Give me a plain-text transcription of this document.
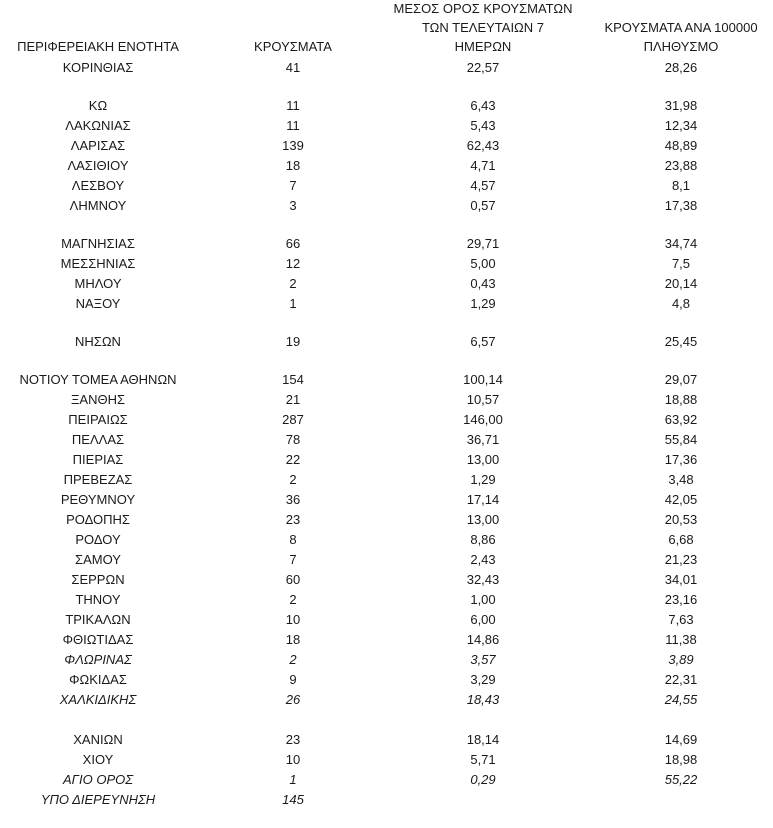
ΠΕΡΙΦΕΡΕΙΑΚΗ ΕΝΟΤΗΤΑ	ΚΡΟΥΣΜΑΤΑ
ΜΕΣΟΣ ΟΡΟΣ ΚΡΟΥΣΜΑΤΩΝ
ΤΩΝ ΤΕΛΕΥΤΑΙΩΝ 7
ΗΜΕΡΩΝ
ΚΡΟΥΣΜΑΤΑ ΑΝΑ 100000
ΠΛΗΘΥΣΜΟ
ΚΟΡΙΝΘΙΑΣ	41	22,57	28,26
ΚΩ	11	6,43	31,98
ΛΑΚΩΝΙΑΣ	11	5,43	12,34
ΛΑΡΙΣΑΣ	139	62,43	48,89
ΛΑΣΙΘΙΟΥ	18	4,71	23,88
ΛΕΣΒΟΥ	7	4,57	8,1
ΛΗΜΝΟΥ	3	0,57	17,38
ΜΑΓΝΗΣΙΑΣ	66	29,71	34,74
ΜΕΣΣΗΝΙΑΣ	12	5,00	7,5
ΜΗΛΟΥ	2	0,43	20,14
ΝΑΞΟΥ	1	1,29	4,8
ΝΗΣΩΝ	19	6,57	25,45
ΝΟΤΙΟΥ ΤΟΜΕΑ ΑΘΗΝΩΝ	154	100,14	29,07
ΞΑΝΘΗΣ	21	10,57	18,88
ΠΕΙΡΑΙΩΣ	287	146,00	63,92
ΠΕΛΛΑΣ	78	36,71	55,84
ΠΙΕΡΙΑΣ	22	13,00	17,36
ΠΡΕΒΕΖΑΣ	2	1,29	3,48
ΡΕΘΥΜΝΟΥ	36	17,14	42,05
ΡΟΔΟΠΗΣ	23	13,00	20,53
ΡΟΔΟΥ	8	8,86	6,68
ΣΑΜΟΥ	7	2,43	21,23
ΣΕΡΡΩΝ	60	32,43	34,01
ΤΗΝΟΥ	2	1,00	23,16
ΤΡΙΚΑΛΩΝ	10	6,00	7,63
ΦΘΙΩΤΙΔΑΣ	18	14,86	11,38
ΦΛΩΡΙΝΑΣ	2	3,57	3,89
ΦΩΚΙΔΑΣ	9	3,29	22,31
ΧΑΛΚΙΔΙΚΗΣ	26	18,43	24,55
ΧΑΝΙΩΝ	23	18,14	14,69
ΧΙΟΥ	10	5,71	18,98
ΑΓΙΟ ΟΡΟΣ	1	0,29	55,22
ΥΠΟ ΔΙΕΡΕΥΝΗΣΗ	145
